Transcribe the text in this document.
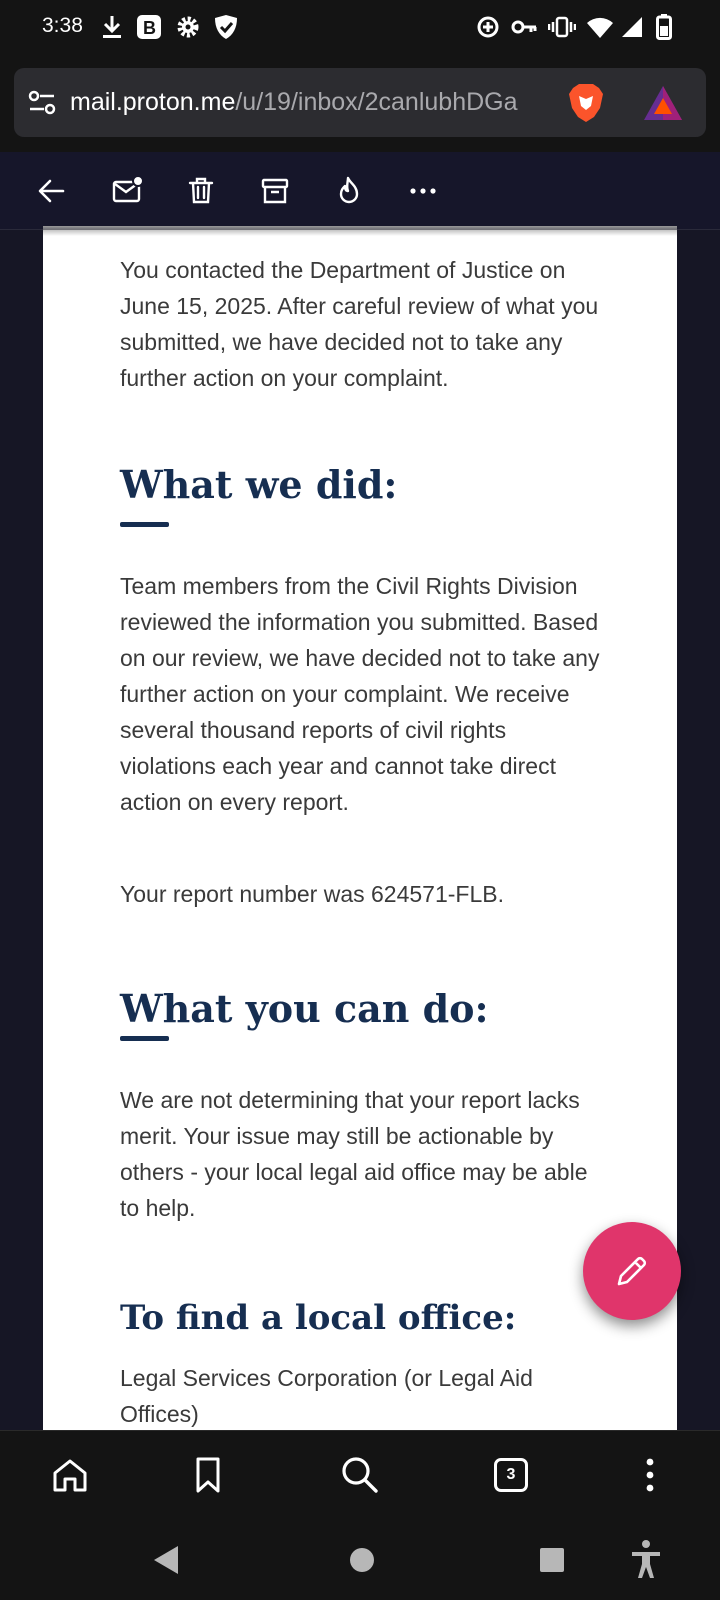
3:38	B
mail.proton.me/u/19/inbox/2canlubhDGa

You contacted the Department of Justice on June 15, 2025. After careful review of what you submitted, we have decided not to take any further action on your complaint.

What we did:

Team members from the Civil Rights Division reviewed the information you submitted. Based on our review, we have decided not to take any further action on your complaint. We receive several thousand reports of civil rights violations each year and cannot take direct action on every report.

Your report number was 624571-FLB.

What you can do:

We are not determining that your report lacks merit. Your issue may still be actionable by others - your local legal aid office may be able to help.

To find a local office:

Legal Services Corporation (or Legal Aid Offices)

3
